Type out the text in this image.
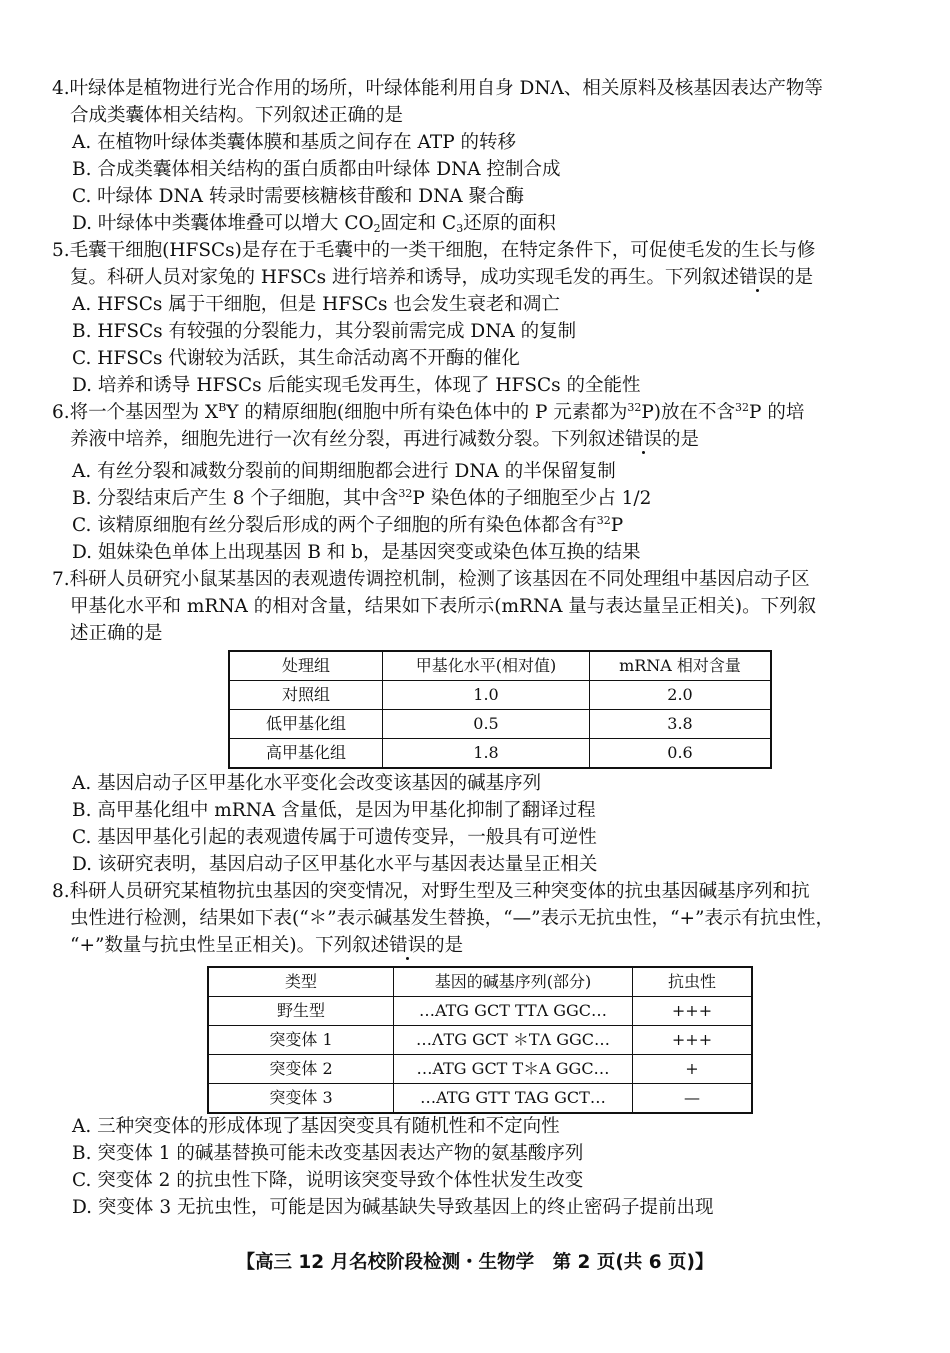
4.叶绿体是植物进行光合作用的场所，叶绿体能利用自身 DNΛ、相关原料及核基因表达产物等
合成类囊体相关结构。下列叙述正确的是
A. 在植物叶绿体类囊体膜和基质之间存在 ATP 的转移
B. 合成类囊体相关结构的蛋白质都由叶绿体 DNA 控制合成
C. 叶绿体 DNA 转录时需要核糖核苷酸和 DNA 聚合酶
D. 叶绿体中类囊体堆叠可以增大 $CO_2$固定和 $C_3$还原的面积
5.毛囊干细胞(HFSCs)是存在于毛囊中的一类干细胞，在特定条件下，可促使毛发的生长与修
复。科研人员对家兔的 HFSCs 进行培养和诱导，成功实现毛发的再生。下列叙述错误的是
A. HFSCs 属于干细胞，但是 HFSCs 也会发生衰老和凋亡
B. HFSCs 有较强的分裂能力，其分裂前需完成 DNA 的复制
C. HFSCs 代谢较为活跃，其生命活动离不开酶的催化
D. 培养和诱导 HFSCs 后能实现毛发再生，体现了 HFSCs 的全能性
6.将一个基因型为 $X^BY$ 的精原细胞(细胞中所有染色体中的 P 元素都为$^{32}$P)放在不含$^{32}$P 的培
养液中培养，细胞先进行一次有丝分裂，再进行减数分裂。下列叙述错误的是
A. 有丝分裂和减数分裂前的间期细胞都会进行 DNA 的半保留复制
B. 分裂结束后产生 8 个子细胞，其中含$^{32}$P 染色体的子细胞至少占 1/2
C. 该精原细胞有丝分裂后形成的两个子细胞的所有染色体都含有$^{32}$P
D. 姐妹染色单体上出现基因 B 和 b，是基因突变或染色体互换的结果
7.科研人员研究小鼠某基因的表观遗传调控机制，检测了该基因在不同处理组中基因启动子区
甲基化水平和 mRNA 的相对含量，结果如下表所示(mRNA 量与表达量呈正相关)。下列叙
述正确的是
处理组	甲基化水平(相对值)	mRNA 相对含量
对照组	1.0	2.0
低甲基化组	0.5	3.8
高甲基化组	1.8	0.6
A. 基因启动子区甲基化水平变化会改变该基因的碱基序列
B. 高甲基化组中 mRNA 含量低，是因为甲基化抑制了翻译过程
C. 基因甲基化引起的表观遗传属于可遗传变异，一般具有可逆性
D. 该研究表明，基因启动子区甲基化水平与基因表达量呈正相关
8.科研人员研究某植物抗虫基因的突变情况，对野生型及三种突变体的抗虫基因碱基序列和抗
虫性进行检测，结果如下表(“＊”表示碱基发生替换，“—”表示无抗虫性，“+”表示有抗虫性，
“+”数量与抗虫性呈正相关)。下列叙述错误的是
类型	基因的碱基序列(部分)	抗虫性
野生型	…ATG GCT TTΛ GGC…	+++
突变体 1	…ΛTG GCT ＊TΛ GGC…	+++
突变体 2	…ATG GCT T＊A GGC…	+
突变体 3	…ATG GTT TAG GCT…	—
A. 三种突变体的形成体现了基因突变具有随机性和不定向性
B. 突变体 1 的碱基替换可能未改变基因表达产物的氨基酸序列
C. 突变体 2 的抗虫性下降，说明该突变导致个体性状发生改变
D. 突变体 3 无抗虫性，可能是因为碱基缺失导致基因上的终止密码子提前出现
【高三 12 月名校阶段检测・生物学　第 2 页(共 6 页)】
